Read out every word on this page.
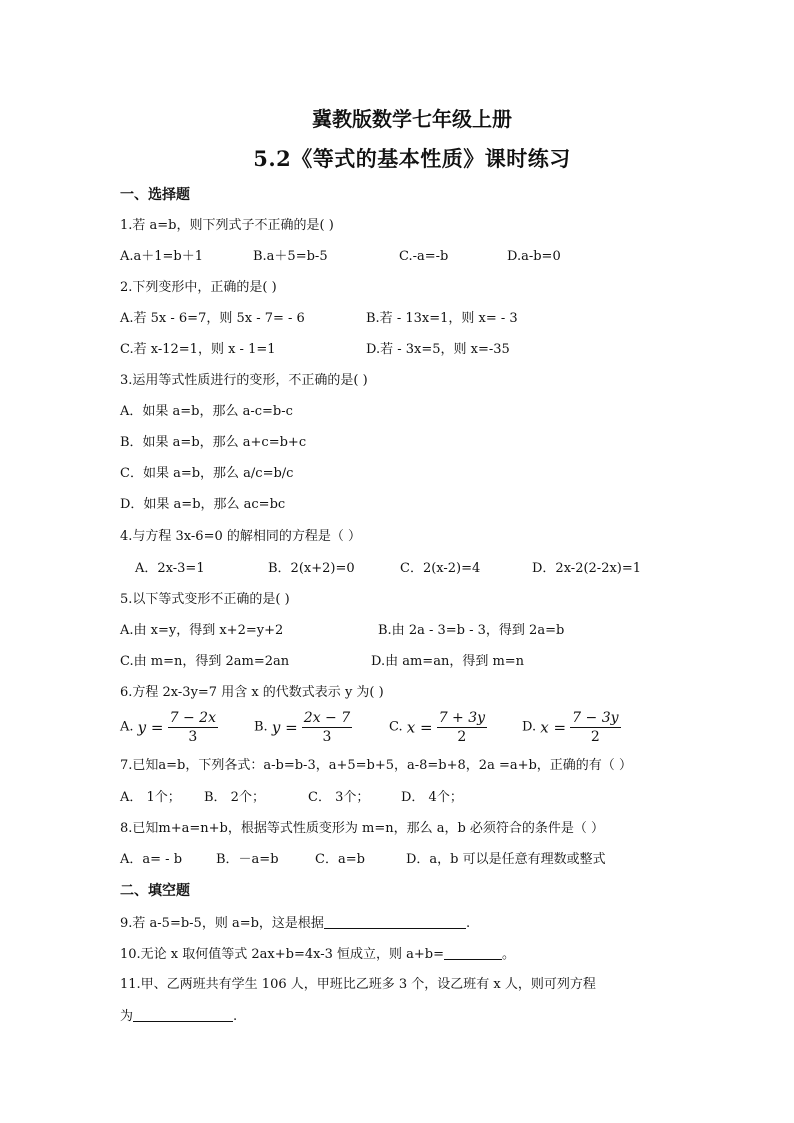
冀教版数学七年级上册
5.2《等式的基本性质》课时练习
一、选择题
1.若 a=b，则下列式子不正确的是( )
A.a＋1=b＋1	B.a＋5=b-5	C.-a=-b	D.a-b=0
2.下列变形中，正确的是( )
A.若 5x - 6=7，则 5x - 7= - 6	B.若 - 13x=1，则 x= - 3
C.若 x-12=1，则 x - 1=1	D.若 - 3x=5，则 x=-35
3.运用等式性质进行的变形，不正确的是( )
A．如果 a=b，那么 a-c=b-c
B．如果 a=b，那么 a+c=b+c
C．如果 a=b，那么 a/c=b/c
D．如果 a=b，那么 ac=bc
4.与方程 3x-6=0 的解相同的方程是（ ）
A．2x-3=1	B．2(x+2)=0	C．2(x-2)=4	D．2x-2(2-2x)=1
5.以下等式变形不正确的是( )
A.由 x=y，得到 x+2=y+2	B.由 2a - 3=b - 3，得到 2a=b
C.由 m=n，得到 2am=2an	D.由 am=an，得到 m=n
6.方程 2x-3y=7 用含 x 的代数式表示 y 为( )
A. $y = \frac{7 - 2x}{3}$	B. $y = \frac{2x - 7}{3}$	C. $x = \frac{7 + 3y}{2}$	D. $x = \frac{7 - 3y}{2}$
7.已知a=b，下列各式：a-b=b-3，a+5=b+5，a-8=b+8，2a =a+b，正确的有（ ）
A． 1个； B． 2个；	C． 3个； D． 4个；
8.已知m+a=n+b，根据等式性质变形为 m=n，那么 a，b 必须符合的条件是（ ）
A．a= - b	B．－a=b	C．a=b	D．a，b 可以是任意有理数或整式
二、填空题
9.若 a-5=b-5，则 a=b，这是根据	.
10.无论 x 取何值等式 2ax+b=4x-3 恒成立，则 a+b=	。
11.甲、乙两班共有学生 106 人，甲班比乙班多 3 个，设乙班有 x 人，则可列方程
为	.
